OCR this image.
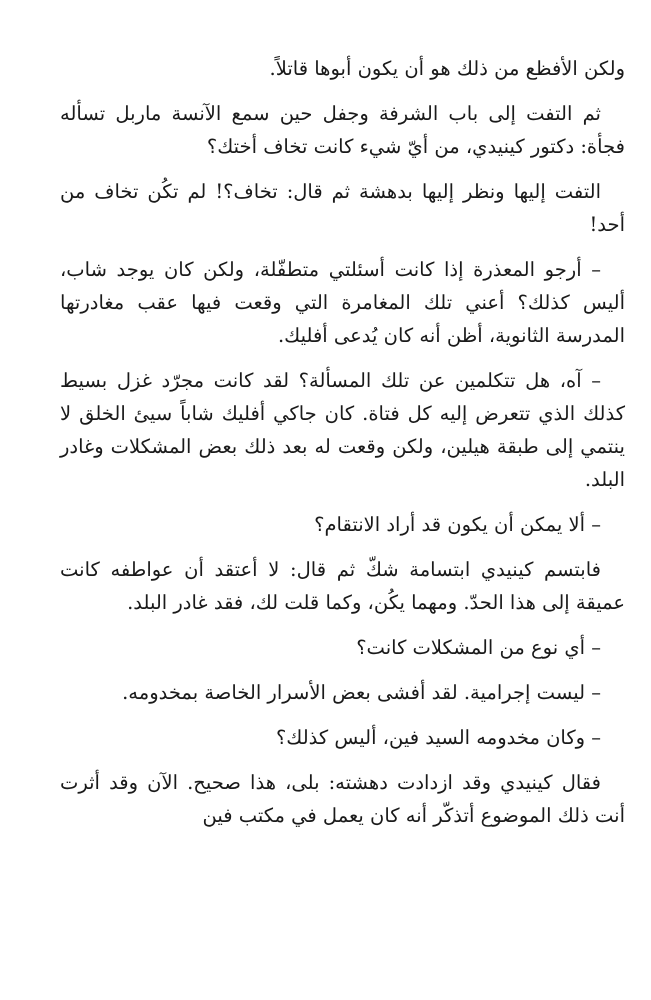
ولكن الأفظع من ذلك هو أن يكون أبوها قاتلاً.

ثم التفت إلى باب الشرفة وجفل حين سمع الآنسة ماربل تسأله فجأة: دكتور كينيدي، من أيّ شيء كانت تخاف أختك؟

التفت إليها ونظر إليها بدهشة ثم قال: تخاف؟! لم تكُن تخاف من أحد!

– أرجو المعذرة إذا كانت أسئلتي متطفّلة، ولكن كان يوجد شاب، أليس كذلك؟ أعني تلك المغامرة التي وقعت فيها عقب مغادرتها المدرسة الثانوية، أظن أنه كان يُدعى أفليك.

– آه، هل تتكلمين عن تلك المسألة؟ لقد كانت مجرّد غزل بسيط كذلك الذي تتعرض إليه كل فتاة. كان جاكي أفليك شاباً سيئ الخلق لا ينتمي إلى طبقة هيلين، ولكن وقعت له بعد ذلك بعض المشكلات وغادر البلد.

– ألا يمكن أن يكون قد أراد الانتقام؟

فابتسم كينيدي ابتسامة شكّ ثم قال: لا أعتقد أن عواطفه كانت عميقة إلى هذا الحدّ. ومهما يكُن، وكما قلت لك، فقد غادر البلد.

– أي نوع من المشكلات كانت؟

– ليست إجرامية. لقد أفشى بعض الأسرار الخاصة بمخدومه.

– وكان مخدومه السيد فين، أليس كذلك؟

فقال كينيدي وقد ازدادت دهشته: بلى، هذا صحيح. الآن وقد أثرت أنت ذلك الموضوع أتذكّر أنه كان يعمل في مكتب فين
